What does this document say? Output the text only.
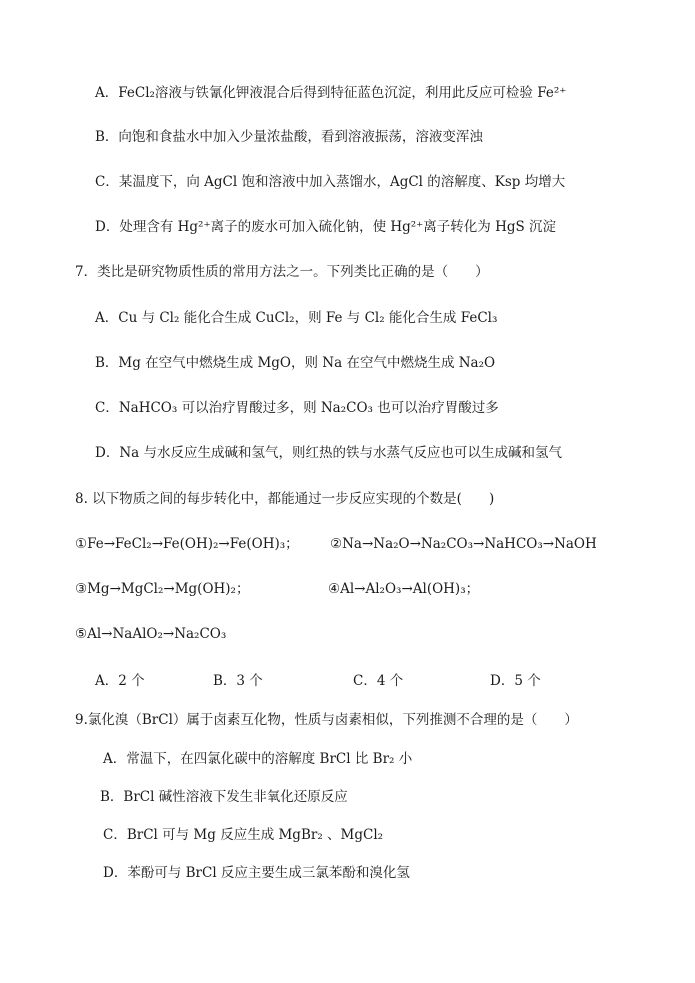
A．FeCl₂溶液与铁氰化钾液混合后得到特征蓝色沉淀，利用此反应可检验 Fe²⁺
B．向饱和食盐水中加入少量浓盐酸，看到溶液振荡，溶液变浑浊
C．某温度下，向 AgCl 饱和溶液中加入蒸馏水，AgCl 的溶解度、Ksp 均增大
D．处理含有 Hg²⁺离子的废水可加入硫化钠，使 Hg²⁺离子转化为 HgS 沉淀
7．类比是研究物质性质的常用方法之一。下列类比正确的是（　　）
A．Cu 与 Cl₂ 能化合生成 CuCl₂，则 Fe 与 Cl₂ 能化合生成 FeCl₃
B．Mg 在空气中燃烧生成 MgO，则 Na 在空气中燃烧生成 Na₂O
C．NaHCO₃ 可以治疗胃酸过多，则 Na₂CO₃ 也可以治疗胃酸过多
D．Na 与水反应生成碱和氢气，则红热的铁与水蒸气反应也可以生成碱和氢气
8. 以下物质之间的每步转化中，都能通过一步反应实现的个数是(　　)
①Fe→FeCl₂→Fe(OH)₂→Fe(OH)₃； ②Na→Na₂O→Na₂CO₃→NaHCO₃→NaOH
③Mg→MgCl₂→Mg(OH)₂；	④Al→Al₂O₃→Al(OH)₃；
⑤Al→NaAlO₂→Na₂CO₃
A．2 个	B．3 个	C．4 个	D．5 个
9.氯化溴（BrCl）属于卤素互化物，性质与卤素相似，下列推测不合理的是（　　）
A．常温下，在四氯化碳中的溶解度 BrCl 比 Br₂ 小
B．BrCl 碱性溶液下发生非氧化还原反应
C．BrCl 可与 Mg 反应生成 MgBr₂ 、MgCl₂
D．苯酚可与 BrCl 反应主要生成三氯苯酚和溴化氢
